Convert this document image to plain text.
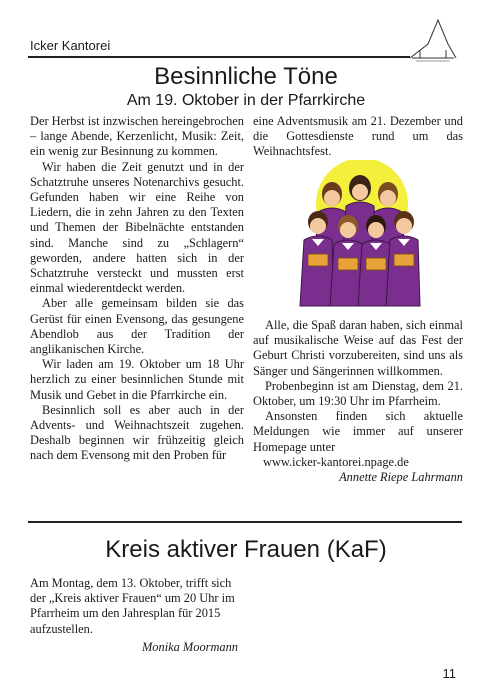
Icker Kantorei
Besinnliche Töne
Am 19. Oktober in der Pfarrkirche

Der Herbst ist inzwischen hereingebrochen – lange Abende, Kerzenlicht, Musik: Zeit, ein wenig zur Besinnung zu kommen.

Wir haben die Zeit genutzt und in der Schatztruhe unseres Notenarchivs gesucht. Gefunden haben wir eine Reihe von Liedern, die in zehn Jahren zu den Texten und Themen der Bibelnächte entstanden sind. Manche sind zu „Schlagern“ geworden, andere hatten sich in der Schatztruhe versteckt und mussten erst einmal wiederentdeckt werden.

Aber alle gemeinsam bilden sie das Gerüst für einen Evensong, das gesungene Abendlob aus der Tradition der anglikanischen Kirche.

Wir laden am 19. Oktober um 18 Uhr herzlich zu einer besinnlichen Stunde mit Musik und Gebet in die Pfarrkirche ein.

Besinnlich soll es aber auch in der Advents- und Weihnachtszeit zugehen. Deshalb beginnen wir frühzeitig gleich nach dem Evensong mit den Proben für

eine Adventsmusik am 21. Dezember und die Gottesdienste rund um das Weihnachtsfest.

Alle, die Spaß daran haben, sich einmal auf musikalische Weise auf das Fest der Geburt Christi vorzubereiten, sind uns als Sänger und Sängerinnen willkommen.

Probenbeginn ist am Dienstag, dem 21. Oktober, um 19:30 Uhr im Pfarrheim.

Ansonsten finden sich aktuelle Meldungen wie immer auf unserer Homepage unter

www.icker-kantorei.npage.de

Annette Riepe Lahrmann

Kreis aktiver Frauen (KaF)

Am Montag, dem 13. Oktober, trifft sich der „Kreis aktiver Frauen“ um 20 Uhr im Pfarrheim um den Jahresplan für 2015 aufzustellen.

Monika Moormann
11
